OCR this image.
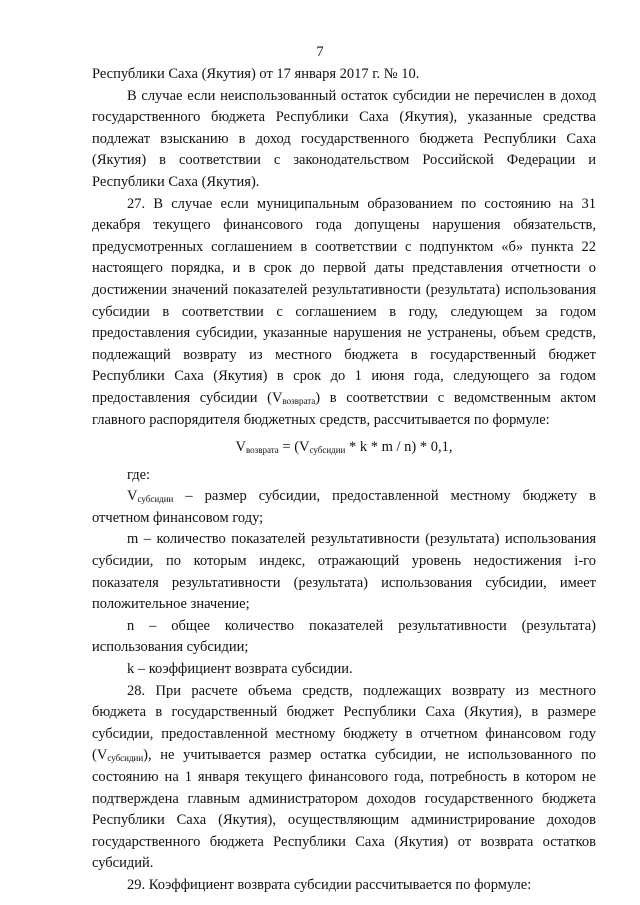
7

Республики Саха (Якутия) от 17 января 2017 г. № 10.

В случае если неиспользованный остаток субсидии не перечислен в доход государственного бюджета Республики Саха (Якутия), указанные средства подлежат взысканию в доход государственного бюджета Республики Саха (Якутия) в соответствии с законодательством Российской Федерации и Республики Саха (Якутия).

27. В случае если муниципальным образованием по состоянию на 31 декабря текущего финансового года допущены нарушения обязательств, предусмотренных соглашением в соответствии с подпунктом «б» пункта 22 настоящего порядка, и в срок до первой даты представления отчетности о достижении значений показателей результативности (результата) использования субсидии в соответствии с соглашением в году, следующем за годом предоставления субсидии, указанные нарушения не устранены, объем средств, подлежащий возврату из местного бюджета в государственный бюджет Республики Саха (Якутия) в срок до 1 июня года, следующего за годом предоставления субсидии $(V_{возврата})$ в соответствии с ведомственным актом главного распорядителя бюджетных средств, рассчитывается по формуле:

$V_{возврата} = (V_{субсидии} * k * m / n) * 0,1$,

где:

$V_{субсидии}$ – размер субсидии, предоставленной местному бюджету в отчетном финансовом году;

m – количество показателей результативности (результата) использования субсидии, по которым индекс, отражающий уровень недостижения i-го показателя результативности (результата) использования субсидии, имеет положительное значение;

n – общее количество показателей результативности (результата) использования субсидии;

k – коэффициент возврата субсидии.

28. При расчете объема средств, подлежащих возврату из местного бюджета в государственный бюджет Республики Саха (Якутия), в размере субсидии, предоставленной местному бюджету в отчетном финансовом году $(V_{субсидии})$, не учитывается размер остатка субсидии, не использованного по состоянию на 1 января текущего финансового года, потребность в котором не подтверждена главным администратором доходов государственного бюджета Республики Саха (Якутия), осуществляющим администрирование доходов государственного бюджета Республики Саха (Якутия) от возврата остатков субсидий.

29. Коэффициент возврата субсидии рассчитывается по формуле:
